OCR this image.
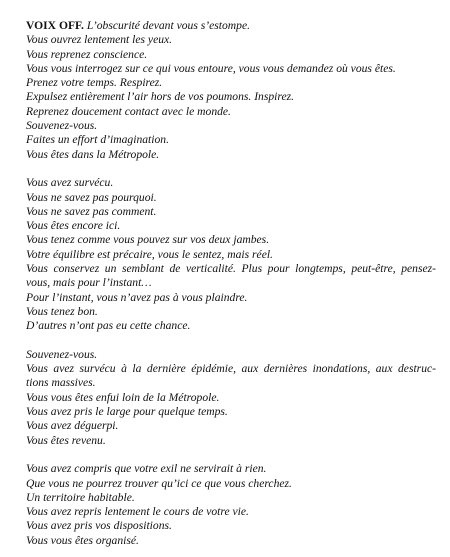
VOIX OFF. L’obscurité devant vous s’estompe.
Vous ouvrez lentement les yeux.
Vous reprenez conscience.
Vous vous interrogez sur ce qui vous entoure, vous vous demandez où vous êtes.
Prenez votre temps. Respirez.
Expulsez entièrement l’air hors de vos poumons. Inspirez.
Reprenez doucement contact avec le monde.
Souvenez-vous.
Faites un effort d’imagination.
Vous êtes dans la Métropole.
Vous avez survécu.
Vous ne savez pas pourquoi.
Vous ne savez pas comment.
Vous êtes encore ici.
Vous tenez comme vous pouvez sur vos deux jambes.
Votre équilibre est précaire, vous le sentez, mais réel.
Vous conservez un semblant de verticalité. Plus pour longtemps, peut-être, pensez-
vous, mais pour l’instant…
Pour l’instant, vous n’avez pas à vous plaindre.
Vous tenez bon.
D’autres n’ont pas eu cette chance.
Souvenez-vous.
Vous avez survécu à la dernière épidémie, aux dernières inondations, aux destruc-
tions massives.
Vous vous êtes enfui loin de la Métropole.
Vous avez pris le large pour quelque temps.
Vous avez déguerpi.
Vous êtes revenu.
Vous avez compris que votre exil ne servirait à rien.
Que vous ne pourrez trouver qu’ici ce que vous cherchez.
Un territoire habitable.
Vous avez repris lentement le cours de votre vie.
Vous avez pris vos dispositions.
Vous vous êtes organisé.
